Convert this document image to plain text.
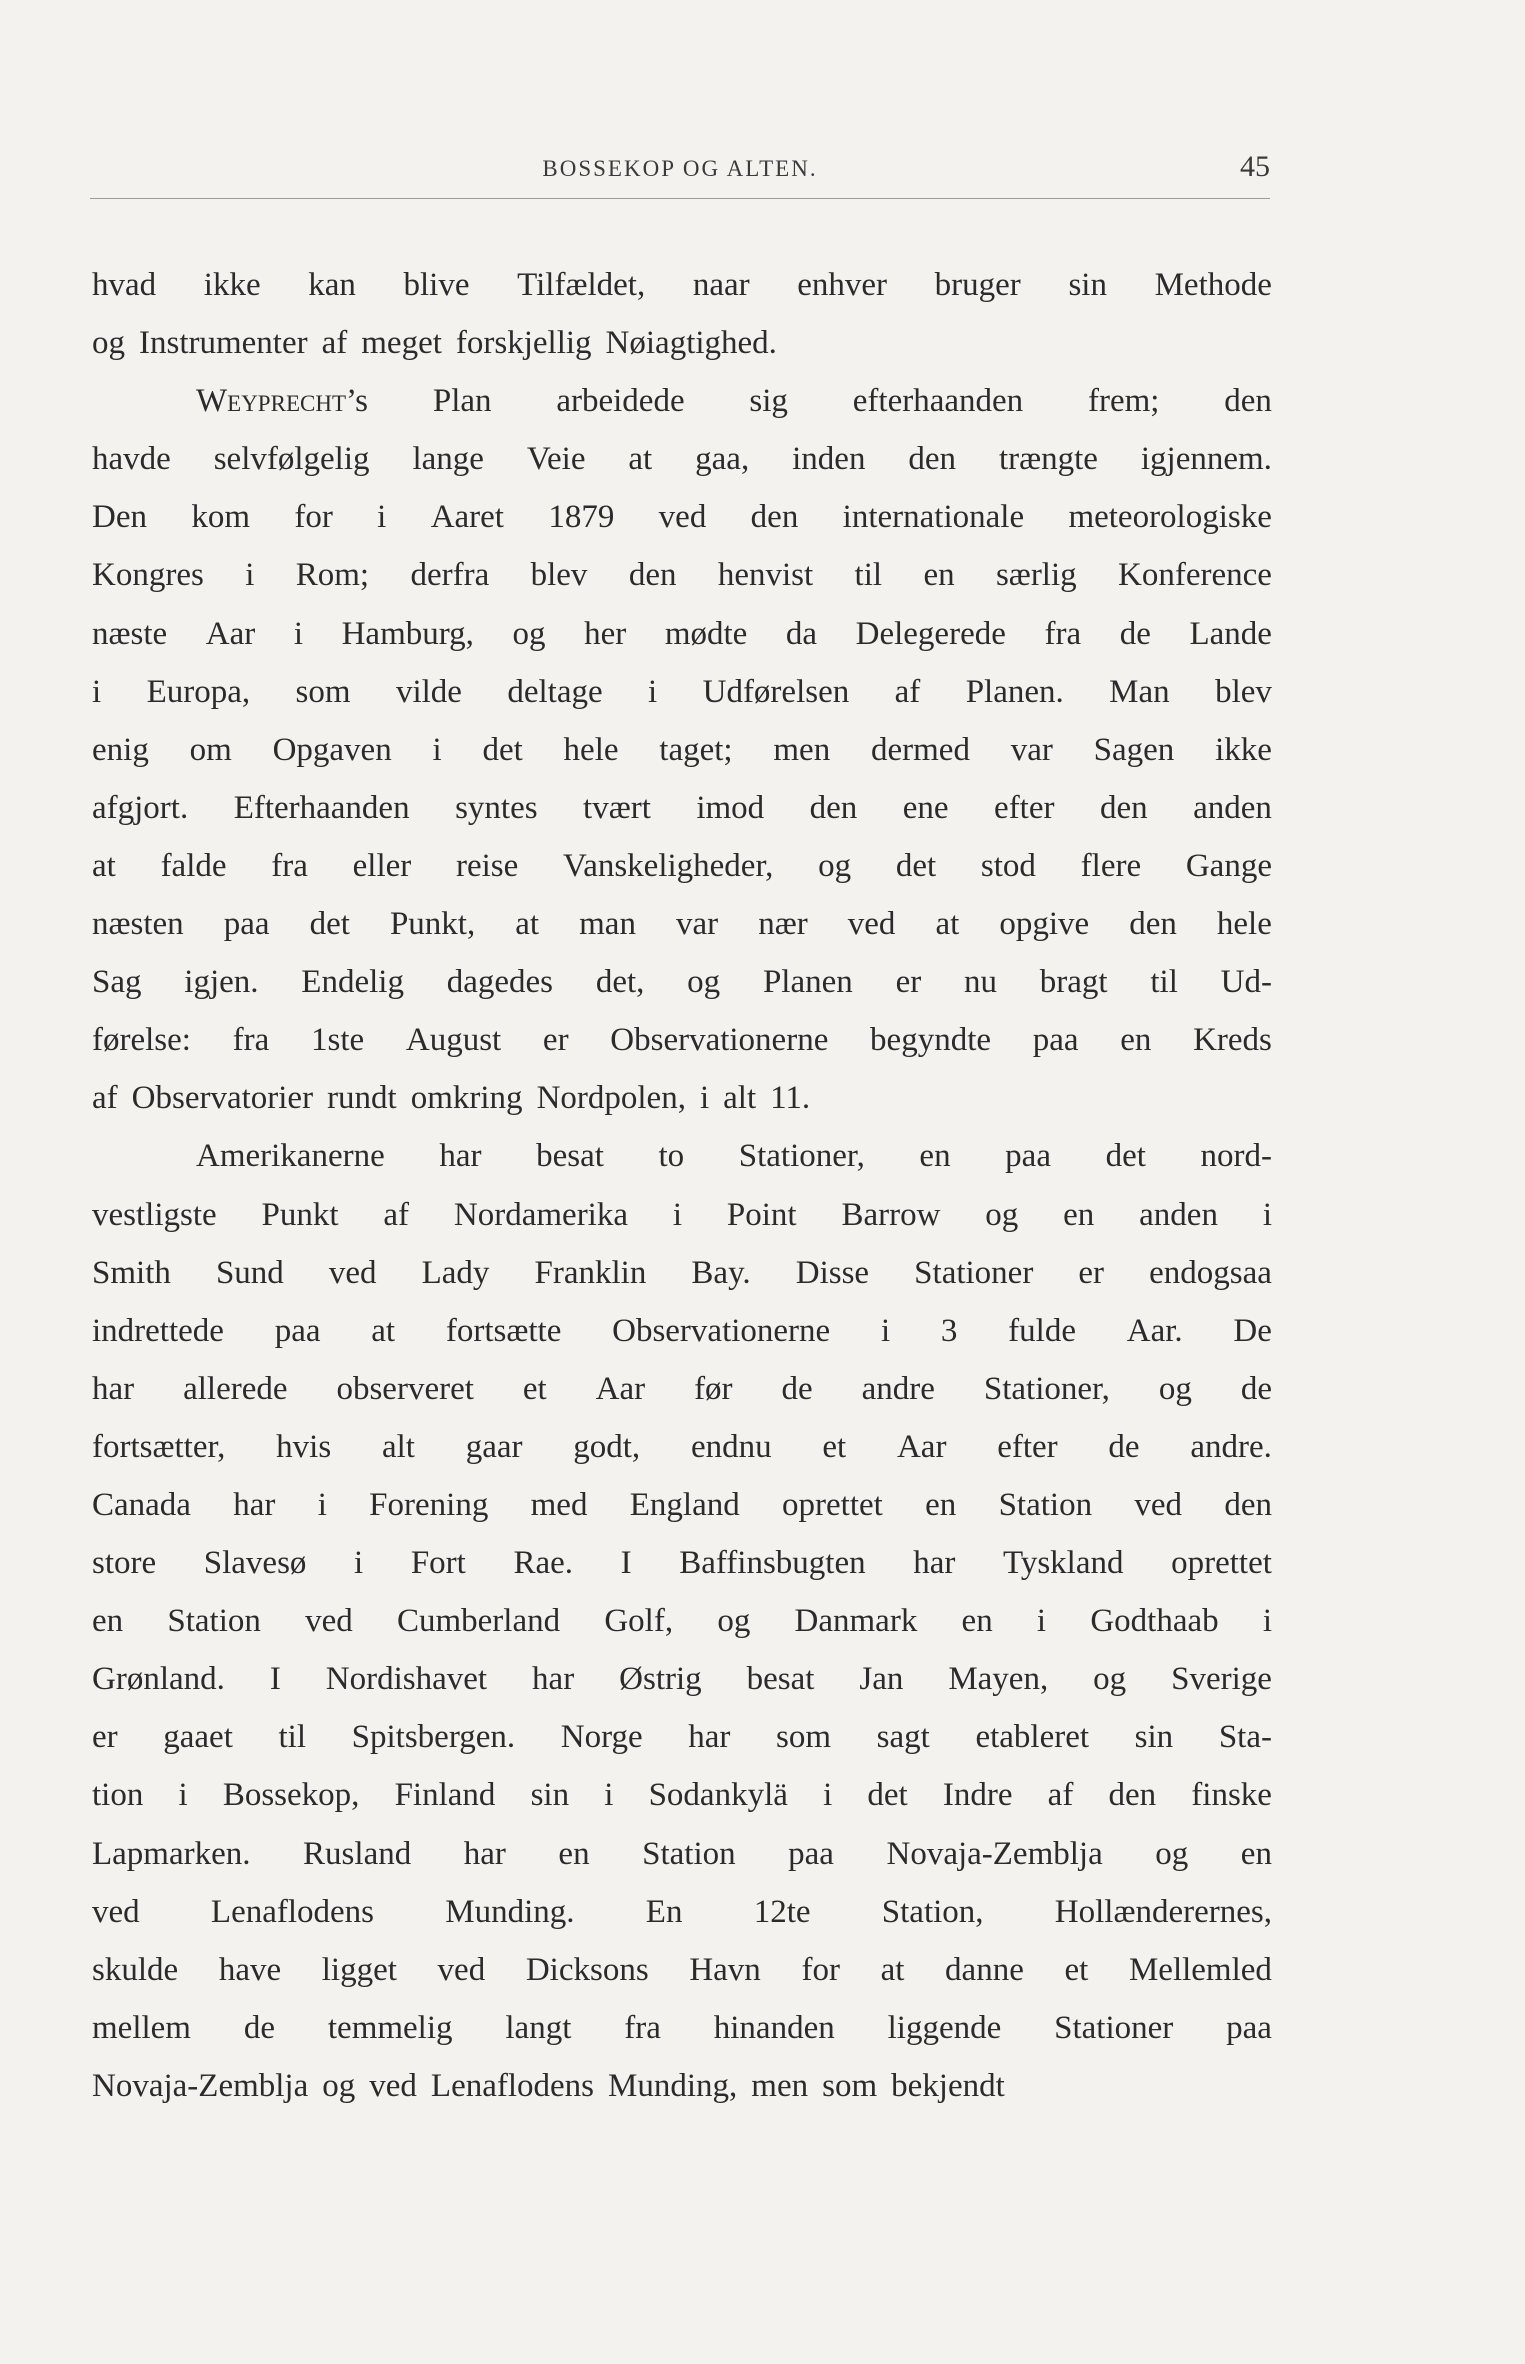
BOSSEKOP OG ALTEN.	45
hvad ikke kan blive Tilfældet, naar enhver bruger sin Methode
og Instrumenter af meget forskjellig Nøiagtighed.
Weyprecht’s Plan arbeidede sig efterhaanden frem; den
havde selvfølgelig lange Veie at gaa, inden den trængte igjennem.
Den kom for i Aaret 1879 ved den internationale meteorologiske
Kongres i Rom; derfra blev den henvist til en særlig Konference
næste Aar i Hamburg, og her mødte da Delegerede fra de Lande
i Europa, som vilde deltage i Udførelsen af Planen. Man blev
enig om Opgaven i det hele taget; men dermed var Sagen ikke
afgjort. Efterhaanden syntes tvært imod den ene efter den anden
at falde fra eller reise Vanskeligheder, og det stod flere Gange
næsten paa det Punkt, at man var nær ved at opgive den hele
Sag igjen. Endelig dagedes det, og Planen er nu bragt til Ud-
førelse: fra 1ste August er Observationerne begyndte paa en Kreds
af Observatorier rundt omkring Nordpolen, i alt 11.
Amerikanerne har besat to Stationer, en paa det nord-
vestligste Punkt af Nordamerika i Point Barrow og en anden i
Smith Sund ved Lady Franklin Bay. Disse Stationer er endogsaa
indrettede paa at fortsætte Observationerne i 3 fulde Aar. De
har allerede observeret et Aar før de andre Stationer, og de
fortsætter, hvis alt gaar godt, endnu et Aar efter de andre.
Canada har i Forening med England oprettet en Station ved den
store Slavesø i Fort Rae. I Baffinsbugten har Tyskland oprettet
en Station ved Cumberland Golf, og Danmark en i Godthaab i
Grønland. I Nordishavet har Østrig besat Jan Mayen, og Sverige
er gaaet til Spitsbergen. Norge har som sagt etableret sin Sta-
tion i Bossekop, Finland sin i Sodankylä i det Indre af den finske
Lapmarken. Rusland har en Station paa Novaja-Zemblja og en
ved Lenaflodens Munding. En 12te Station, Hollænderernes,
skulde have ligget ved Dicksons Havn for at danne et Mellemled
mellem de temmelig langt fra hinanden liggende Stationer paa
Novaja-Zemblja og ved Lenaflodens Munding, men som bekjendt
